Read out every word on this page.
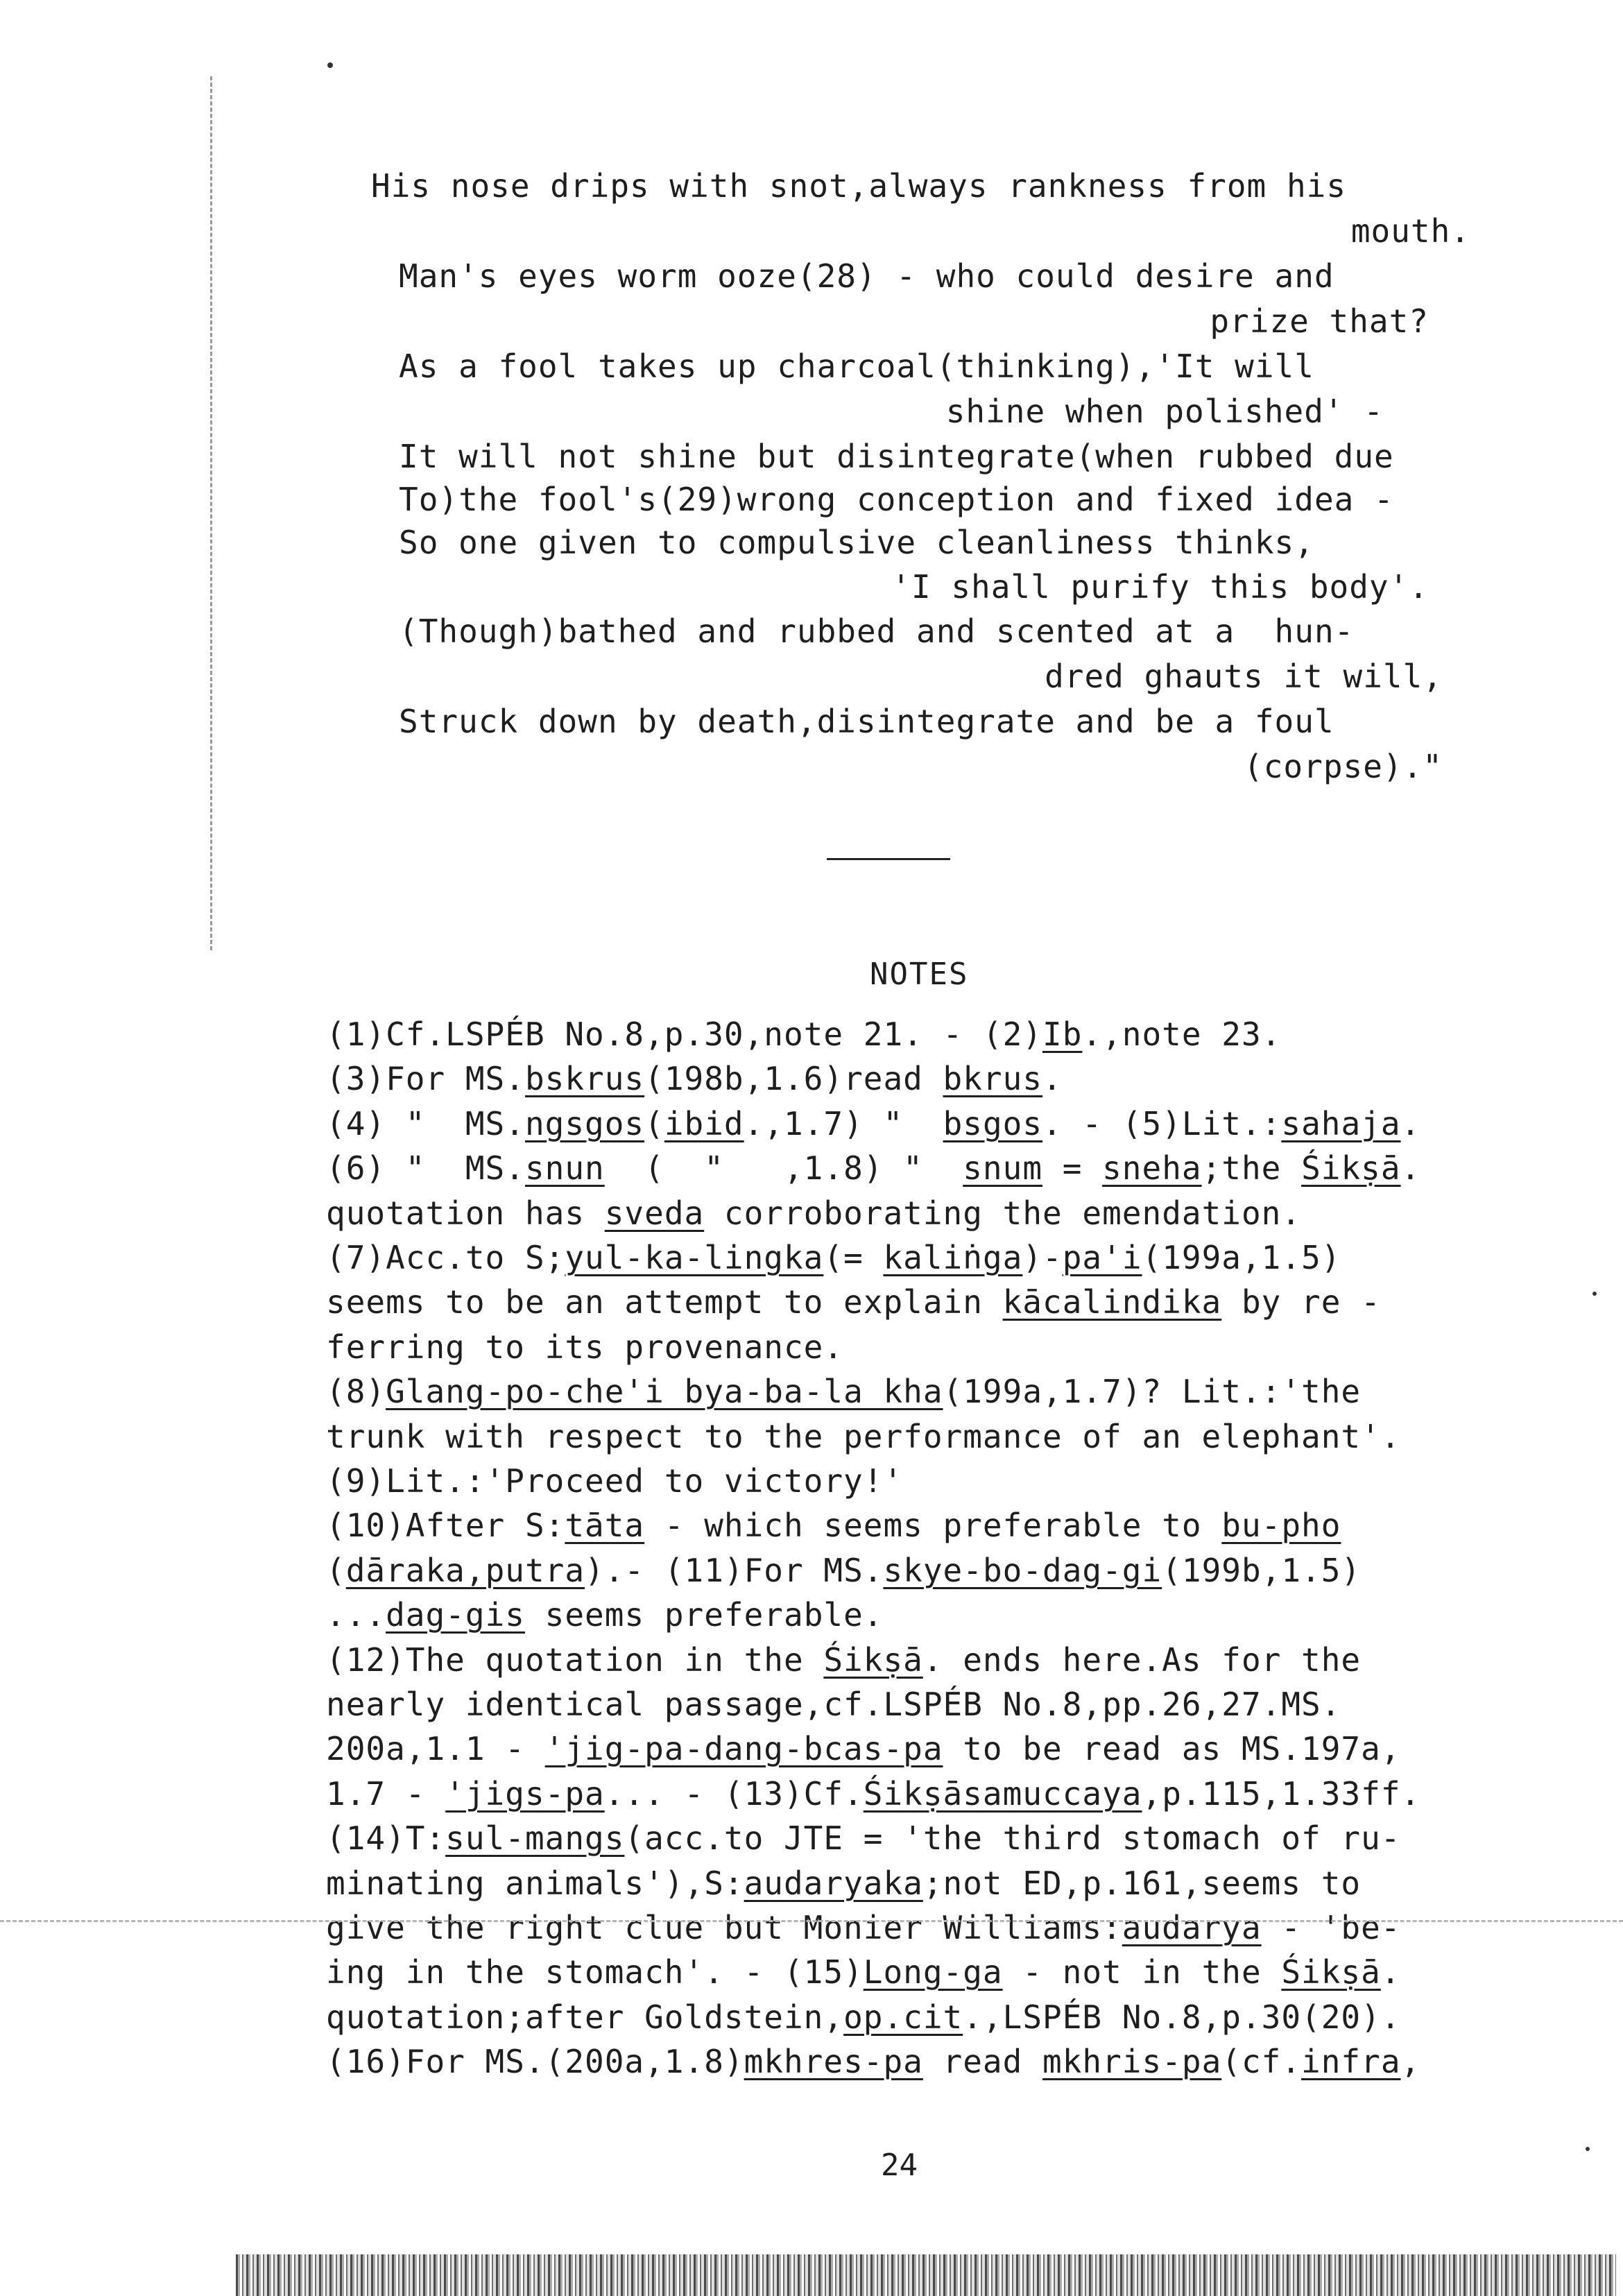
His nose drips with snot,always rankness from his
mouth.
Man's eyes worm ooze(28) - who could desire and
prize that?
As a fool takes up charcoal(thinking),'It will
shine when polished' -
It will not shine but disintegrate(when rubbed due
To)the fool's(29)wrong conception and fixed idea -
So one given to compulsive cleanliness thinks,
'I shall purify this body'.
(Though)bathed and rubbed and scented at a  hun-
dred ghauts it will,
Struck down by death,disintegrate and be a foul
(corpse)."
NOTES
(1)Cf.LSPÉB No.8,p.30,note 21. - (2)Ib.,note 23.
(3)For MS.bskrus(198b,1.6)read bkrus.
(4) "  MS.ngsgos(ibid.,1.7) "  bsgos. - (5)Lit.:sahaja.
(6) "  MS.snun  (  "   ,1.8) "  snum = sneha;the Śikṣā.
quotation has sveda corroborating the emendation.
(7)Acc.to S;yul-ka-lingka(= kaliṅga)-pa'i(199a,1.5)
seems to be an attempt to explain kācalindika by re -
ferring to its provenance.
(8)Glang-po-che'i bya-ba-la kha(199a,1.7)? Lit.:'the
trunk with respect to the performance of an elephant'.
(9)Lit.:'Proceed to victory!'
(10)After S:tāta - which seems preferable to bu-pho
(dāraka,putra).- (11)For MS.skye-bo-dag-gi(199b,1.5)
...dag-gis seems preferable.
(12)The quotation in the Śikṣā. ends here.As for the
nearly identical passage,cf.LSPÉB No.8,pp.26,27.MS.
200a,1.1 - 'jig-pa-dang-bcas-pa to be read as MS.197a,
1.7 - 'jigs-pa... - (13)Cf.Śikṣāsamuccaya,p.115,1.33ff.
(14)T:sul-mangs(acc.to JTE = 'the third stomach of ru-
minating animals'),S:audaryaka;not ED,p.161,seems to
give the right clue but Monier Williams:audarya - 'be-
ing in the stomach'. - (15)Long-ga - not in the Śikṣā.
quotation;after Goldstein,op.cit.,LSPÉB No.8,p.30(20).
(16)For MS.(200a,1.8)mkhres-pa read mkhris-pa(cf.infra,
24
